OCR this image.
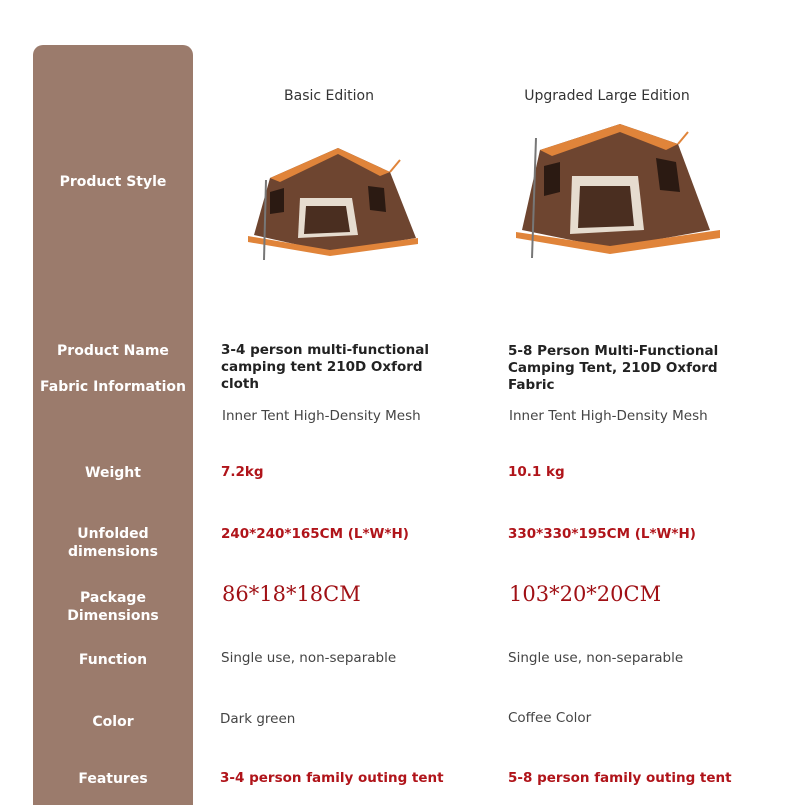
Product Style
Product Name
Fabric Information
Weight
Unfolded dimensions
Package Dimensions
Function
Color
Features
Basic Edition
3-4 person multi-functional camping tent 210D Oxford cloth
Inner Tent High-Density Mesh
7.2kg
240*240*165CM (L*W*H)
86*18*18CM
Single use, non-separable
Dark green
3-4 person family outing tent
Upgraded Large Edition
5-8 Person Multi-Functional Camping Tent, 210D Oxford Fabric
Inner Tent High-Density Mesh
10.1 kg
330*330*195CM (L*W*H)
103*20*20CM
Single use, non-separable
Coffee Color
5-8 person family outing tent
